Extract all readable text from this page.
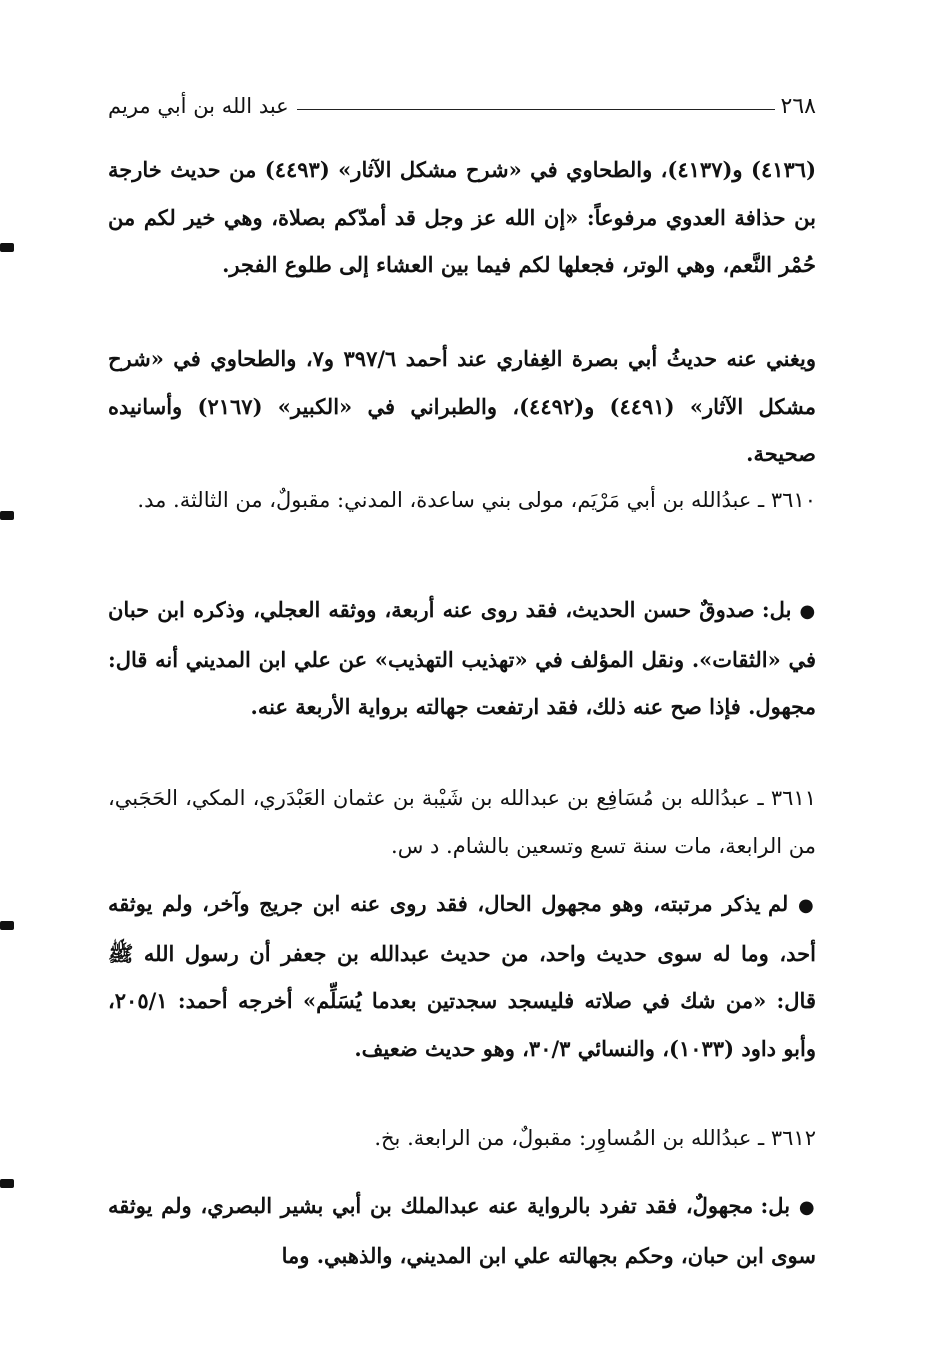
عبد الله بن أبي مريم	٢٦٨
(٤١٣٦) و(٤١٣٧)، والطحاوي في «شرح مشكل الآثار» (٤٤٩٣) من حديث خارجة بن حذافة العدوي مرفوعاً: «إن الله عز وجل قد أمدّكم بصلاة، وهي خير لكم من حُمْر النَّعم، وهي الوتر، فجعلها لكم فيما بين العشاء إلى طلوع الفجر.
ويغني عنه حديثُ أبي بصرة الغِفاري عند أحمد ٣٩٧/٦ و٧، والطحاوي في «شرح مشكل الآثار» (٤٤٩١) و(٤٤٩٢)، والطبراني في «الكبير» (٢١٦٧) وأسانيده صحيحة.
٣٦١٠ ـ عبدُالله بن أبي مَرْيَم، مولى بني ساعدة، المدني: مقبولٌ، من الثالثة. مد.
● بل: صدوقٌ حسن الحديث، فقد روى عنه أربعة، ووثقه العجلي، وذكره ابن حبان في «الثقات». ونقل المؤلف في «تهذيب التهذيب» عن علي ابن المديني أنه قال: مجهول. فإذا صح عنه ذلك، فقد ارتفعت جهالته برواية الأربعة عنه.
٣٦١١ ـ عبدُالله بن مُسَافِع بن عبدالله بن شَيْبة بن عثمان العَبْدَري، المكي، الحَجَبي، من الرابعة، مات سنة تسع وتسعين بالشام. د س.
● لم يذكر مرتبته، وهو مجهول الحال، فقد روى عنه ابن جريج وآخر، ولم يوثقه أحد، وما له سوى حديث واحد، من حديث عبدالله بن جعفر أن رسول الله ﷺ قال: «من شك في صلاته فليسجد سجدتين بعدما يُسَلِّم» أخرجه أحمد: ٢٠٥/١، وأبو داود (١٠٣٣)، والنسائي ٣٠/٣، وهو حديث ضعيف.
٣٦١٢ ـ عبدُالله بن المُساوِر: مقبولٌ، من الرابعة. بخ.
● بل: مجهولٌ، فقد تفرد بالرواية عنه عبدالملك بن أبي بشير البصري، ولم يوثقه سوى ابن حبان، وحكم بجهالته علي ابن المديني، والذهبي. وما
